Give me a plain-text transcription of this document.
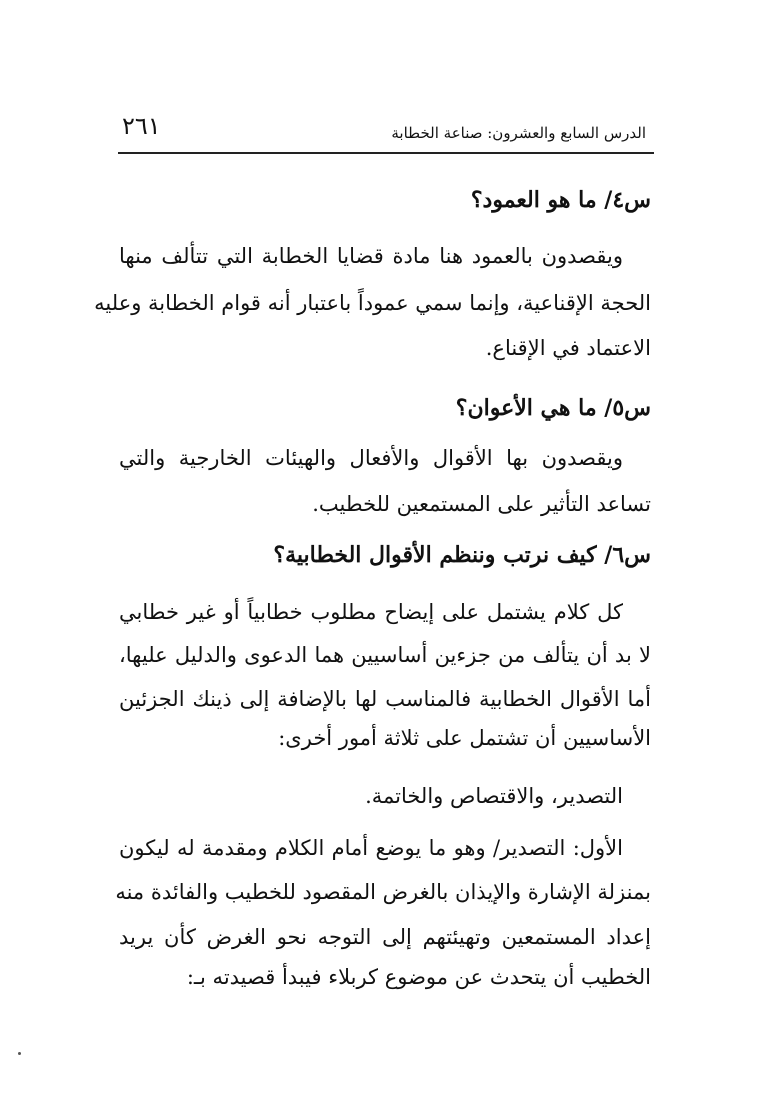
٢٦١	الدرس السابع والعشرون: صناعة الخطابة
س٤/ ما هو العمود؟
ويقصدون بالعمود هنا مادة قضايا الخطابة التي تتألف منها
الحجة الإقناعية، وإنما سمي عموداً باعتبار أنه قوام الخطابة وعليه
الاعتماد في الإقناع.
س٥/ ما هي الأعوان؟
ويقصدون بها الأقوال والأفعال والهيئات الخارجية والتي
تساعد التأثير على المستمعين للخطيب.
س٦/ كيف نرتب وننظم الأقوال الخطابية؟
كل كلام يشتمل على إيضاح مطلوب خطابياً أو غير خطابي
لا بد أن يتألف من جزءين أساسيين هما الدعوى والدليل عليها،
أما الأقوال الخطابية فالمناسب لها بالإضافة إلى ذينك الجزئين
الأساسيين أن تشتمل على ثلاثة أمور أخرى:
التصدير، والاقتصاص والخاتمة.
الأول: التصدير/ وهو ما يوضع أمام الكلام ومقدمة له ليكون
بمنزلة الإشارة والإيذان بالغرض المقصود للخطيب والفائدة منه
إعداد المستمعين وتهيئتهم إلى التوجه نحو الغرض كأن يريد
الخطيب أن يتحدث عن موضوع كربلاء فيبدأ قصيدته بـ:
